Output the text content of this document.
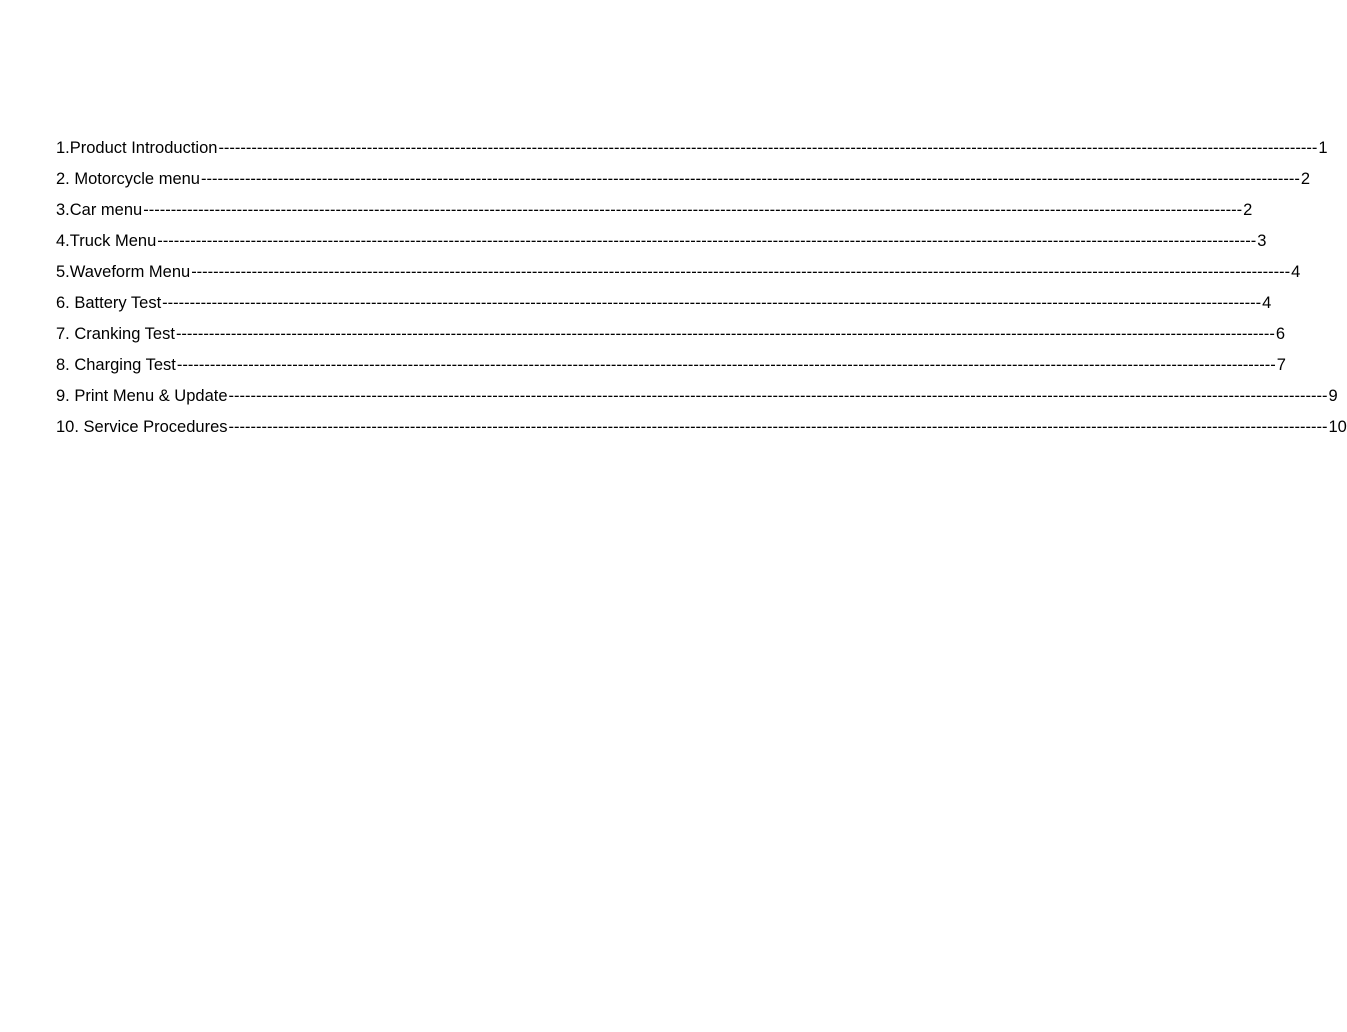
1.Product Introduction -------------------------------------------------------------------------------------------------------------------------------------------------------------------------------------------------------- 1
2. Motorcycle menu -------------------------------------------------------------------------------------------------------------------------------------------------------------------------------------------------------- 2
3.Car menu -------------------------------------------------------------------------------------------------------------------------------------------------------------------------------------------------------- 2
4.Truck Menu -------------------------------------------------------------------------------------------------------------------------------------------------------------------------------------------------------- 3
5.Waveform Menu -------------------------------------------------------------------------------------------------------------------------------------------------------------------------------------------------------- 4
6. Battery Test -------------------------------------------------------------------------------------------------------------------------------------------------------------------------------------------------------- 4
7. Cranking Test -------------------------------------------------------------------------------------------------------------------------------------------------------------------------------------------------------- 6
8. Charging Test -------------------------------------------------------------------------------------------------------------------------------------------------------------------------------------------------------- 7
9. Print Menu & Update -------------------------------------------------------------------------------------------------------------------------------------------------------------------------------------------------------- 9
10. Service Procedures -------------------------------------------------------------------------------------------------------------------------------------------------------------------------------------------------------- 10
